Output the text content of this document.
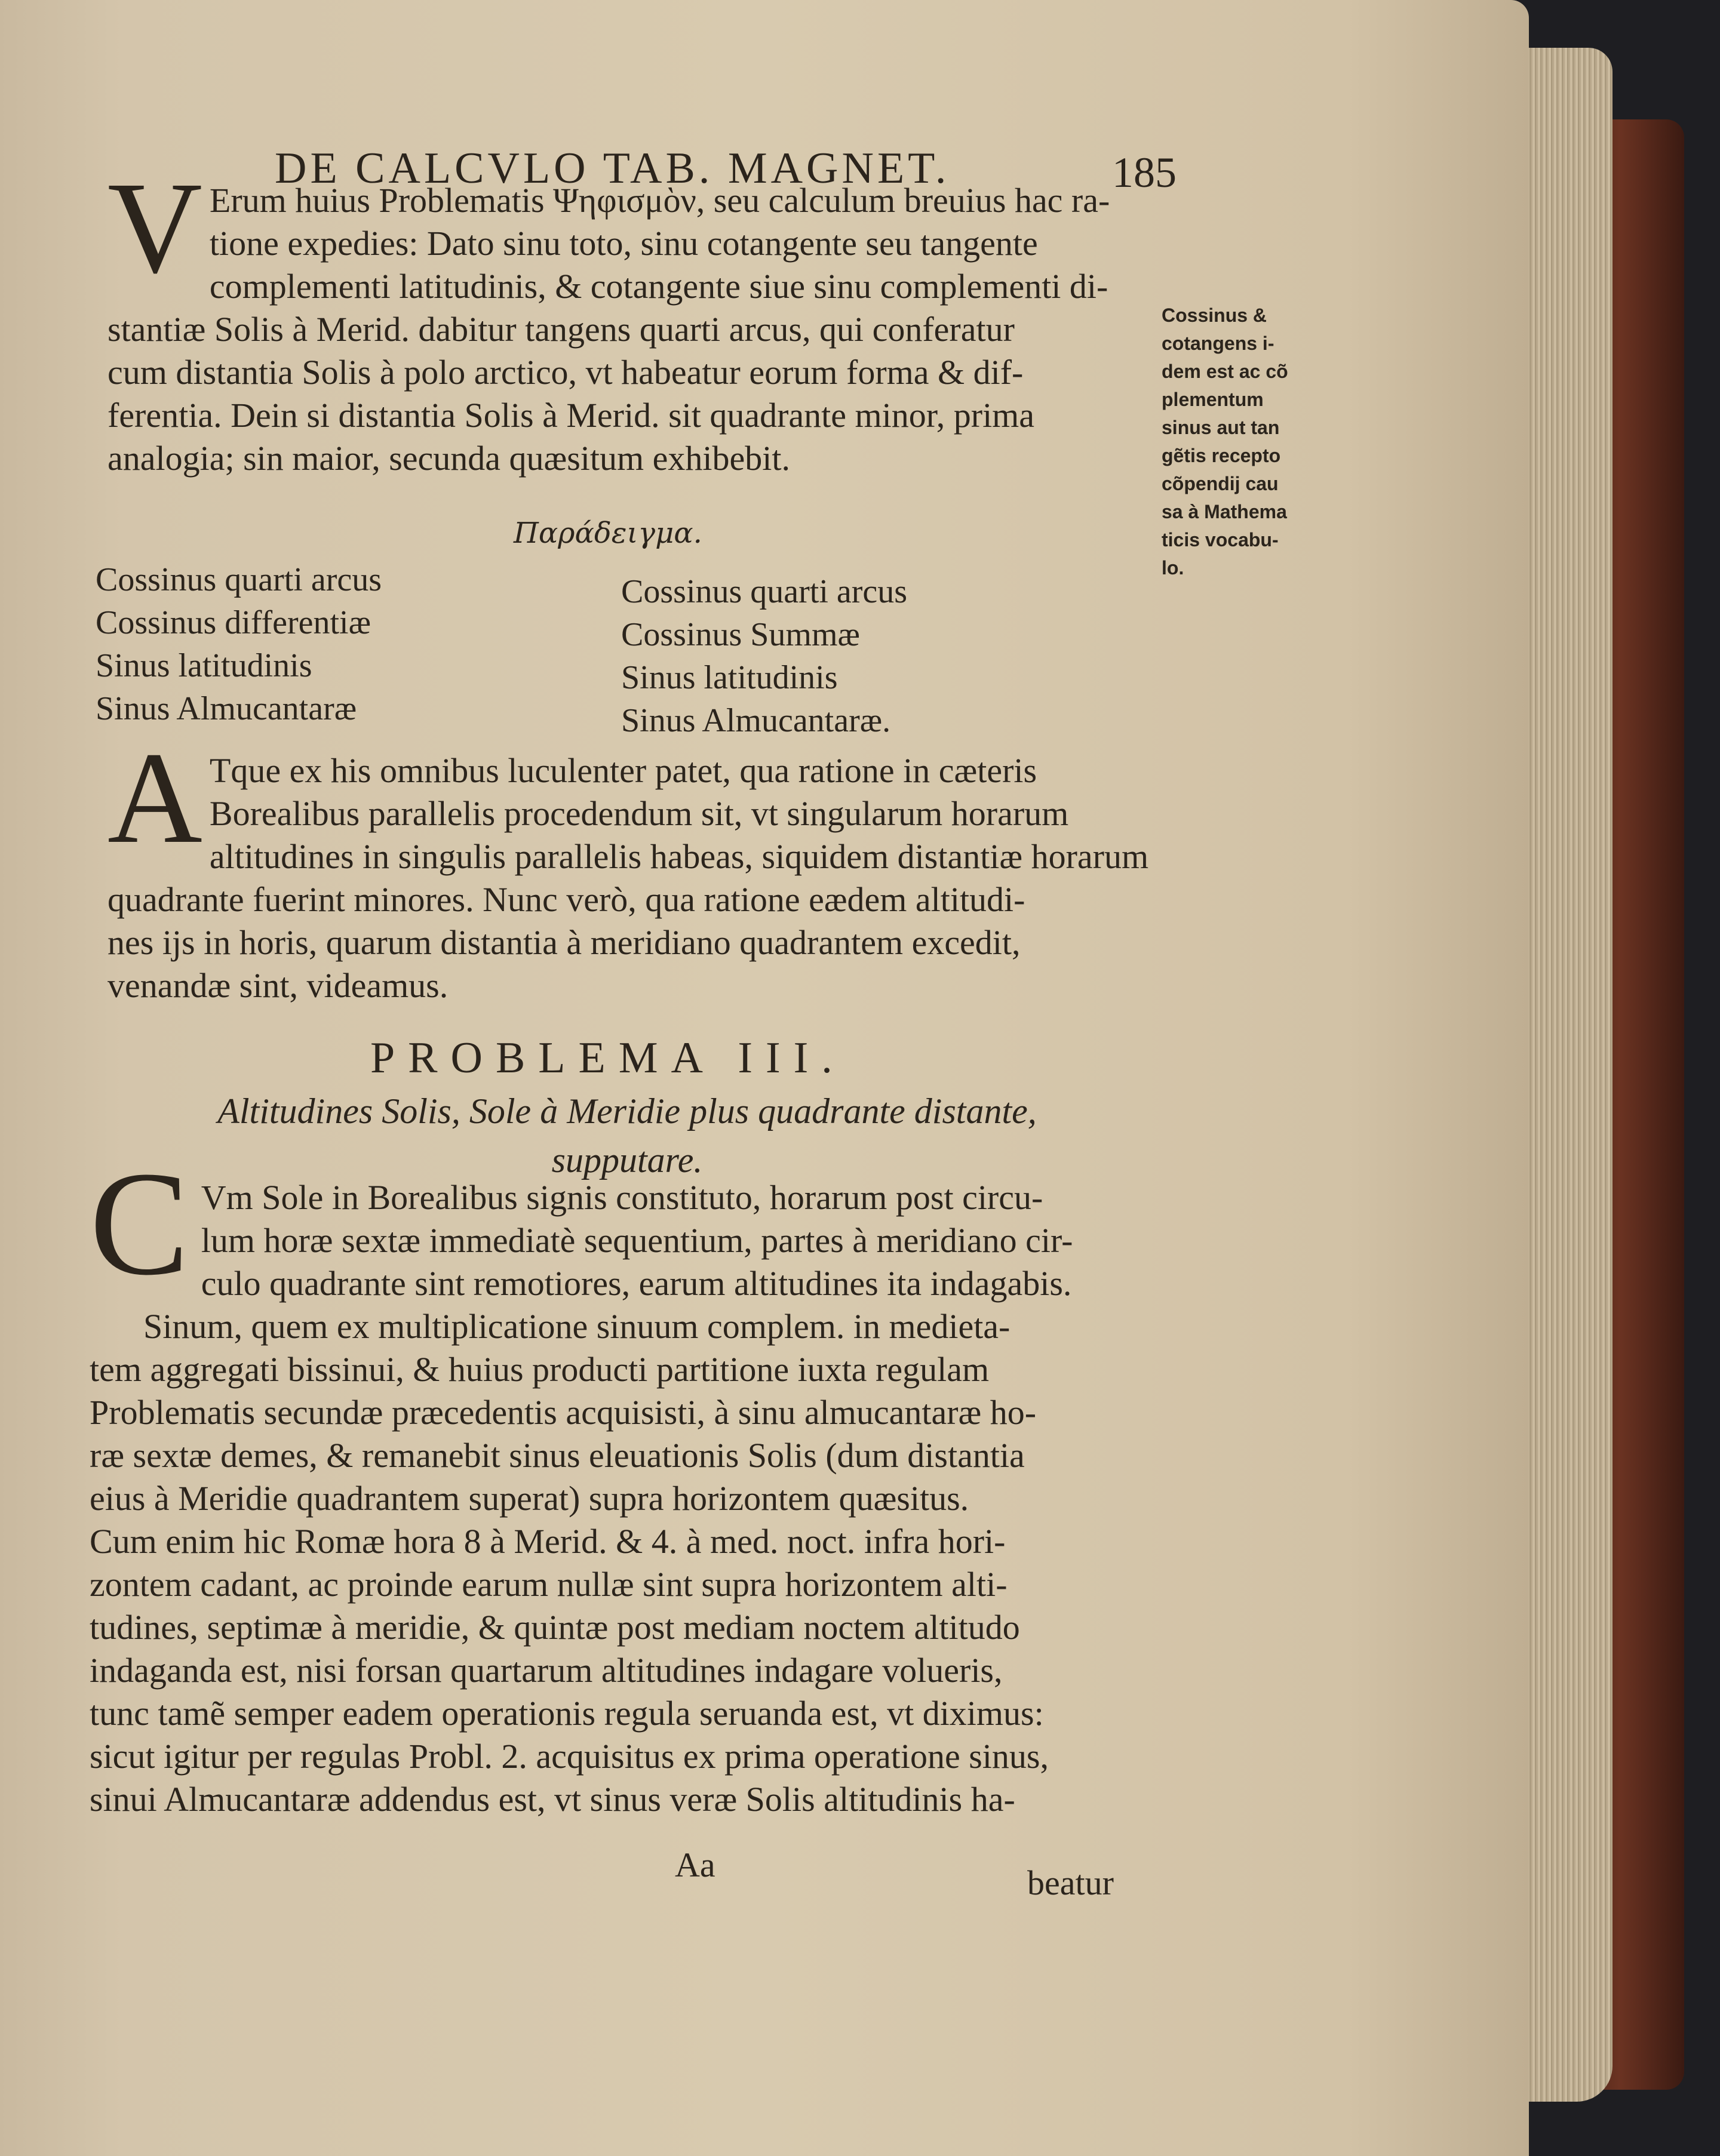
DE CALCVLO TAB. MAGNET.	185
V Erum huius Problematis Ψηφισμὸν, seu calculum breuius hac ra-
tione expedies: Dato sinu toto, sinu cotangente seu tangente
complementi latitudinis, & cotangente siue sinu complementi di-
stantiæ Solis à Merid. dabitur tangens quarti arcus, qui conferatur
cum distantia Solis à polo arctico, vt habeatur eorum forma & dif-
ferentia. Dein si distantia Solis à Merid. sit quadrante minor, prima
analogia; sin maior, secunda quæsitum exhibebit.
Cossinus &
cotangens i-
dem est ac cõ
plementum
sinus aut tan
gẽtis recepto
cõpendij cau
sa à Mathema
ticis vocabu-
lo.
Παράδειγμα.
Cossinus quarti arcus
Cossinus differentiæ
Sinus latitudinis
Sinus Almucantaræ
Cossinus quarti arcus
Cossinus Summæ
Sinus latitudinis
Sinus Almucantaræ.
A Tque ex his omnibus luculenter patet, qua ratione in cæteris
Borealibus parallelis procedendum sit, vt singularum horarum
altitudines in singulis parallelis habeas, siquidem distantiæ horarum
quadrante fuerint minores. Nunc verò, qua ratione eædem altitudi-
nes ijs in horis, quarum distantia à meridiano quadrantem excedit,
venandæ sint, videamus.
PROBLEMA III.
Altitudines Solis, Sole à Meridie plus quadrante distante,
supputare.
C Vm Sole in Borealibus signis constituto, horarum post circu-
lum horæ sextæ immediatè sequentium, partes à meridiano cir-
culo quadrante sint remotiores, earum altitudines ita indagabis.
Sinum, quem ex multiplicatione sinuum complem. in medieta-
tem aggregati bissinui, & huius producti partitione iuxta regulam
Problematis secundæ præcedentis acquisisti, à sinu almucantaræ ho-
ræ sextæ demes, & remanebit sinus eleuationis Solis (dum distantia
eius à Meridie quadrantem superat) supra horizontem quæsitus.
Cum enim hic Romæ hora 8 à Merid. & 4. à med. noct. infra hori-
zontem cadant, ac proinde earum nullæ sint supra horizontem alti-
tudines, septimæ à meridie, & quintæ post mediam noctem altitudo
indaganda est, nisi forsan quartarum altitudines indagare volueris,
tunc tamẽ semper eadem operationis regula seruanda est, vt diximus:
sicut igitur per regulas Probl. 2. acquisitus ex prima operatione sinus,
sinui Almucantaræ addendus est, vt sinus veræ Solis altitudinis ha-
Aa	beatur
